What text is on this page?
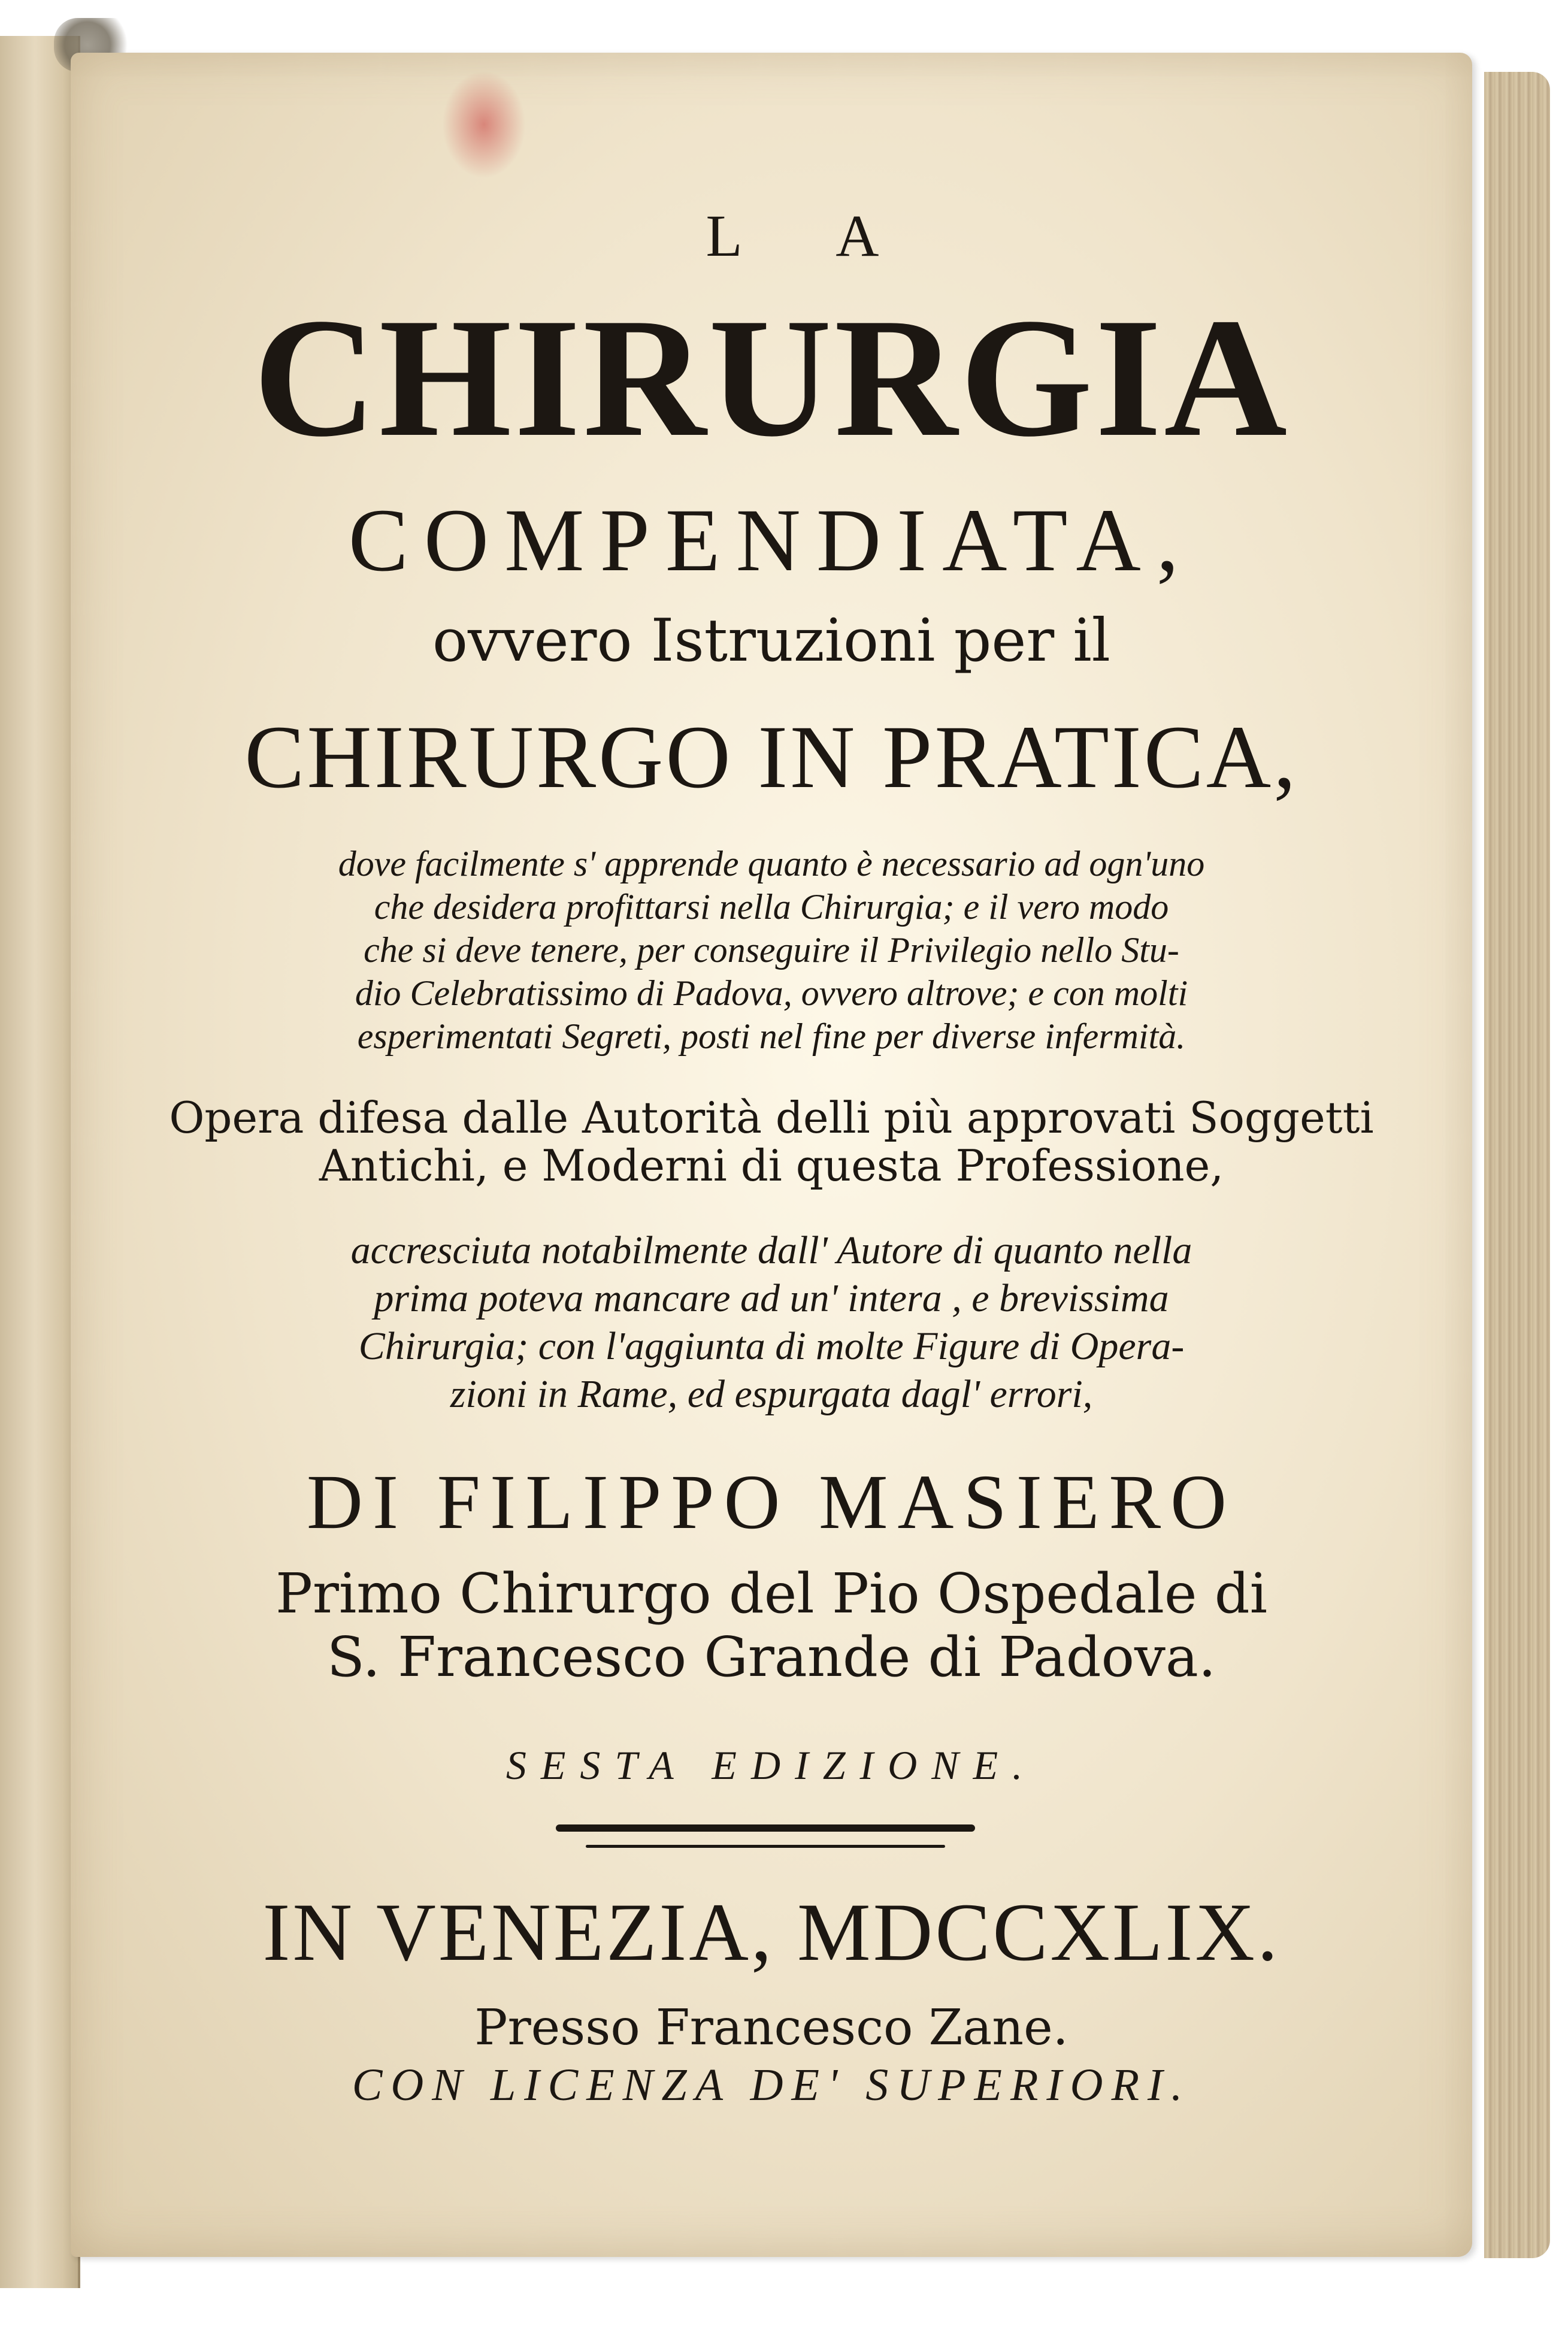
L A
CHIRURGIA
COMPENDIATA,
ovvero Istruzioni per il
CHIRURGO IN PRATICA,
dove facilmente s' apprende quanto è necessario ad ogn'uno
che desidera profittarsi nella Chirurgia; e il vero modo
che si deve tenere, per conseguire il Privilegio nello Stu-
dio Celebratissimo di Padova, ovvero altrove; e con molti
esperimentati Segreti, posti nel fine per diverse infermità.
Opera difesa dalle Autorità delli più approvati Soggetti
Antichi, e Moderni di questa Professione,
accresciuta notabilmente dall' Autore di quanto nella
prima poteva mancare ad un' intera , e brevissima
Chirurgia; con l'aggiunta di molte Figure di Opera-
zioni in Rame, ed espurgata dagl' errori,
DI FILIPPO MASIERO
Primo Chirurgo del Pio Ospedale di
S. Francesco Grande di Padova.
SESTA EDIZIONE.
IN VENEZIA, MDCCXLIX.
Presso Francesco Zane.
CON LICENZA DE' SUPERIORI.
